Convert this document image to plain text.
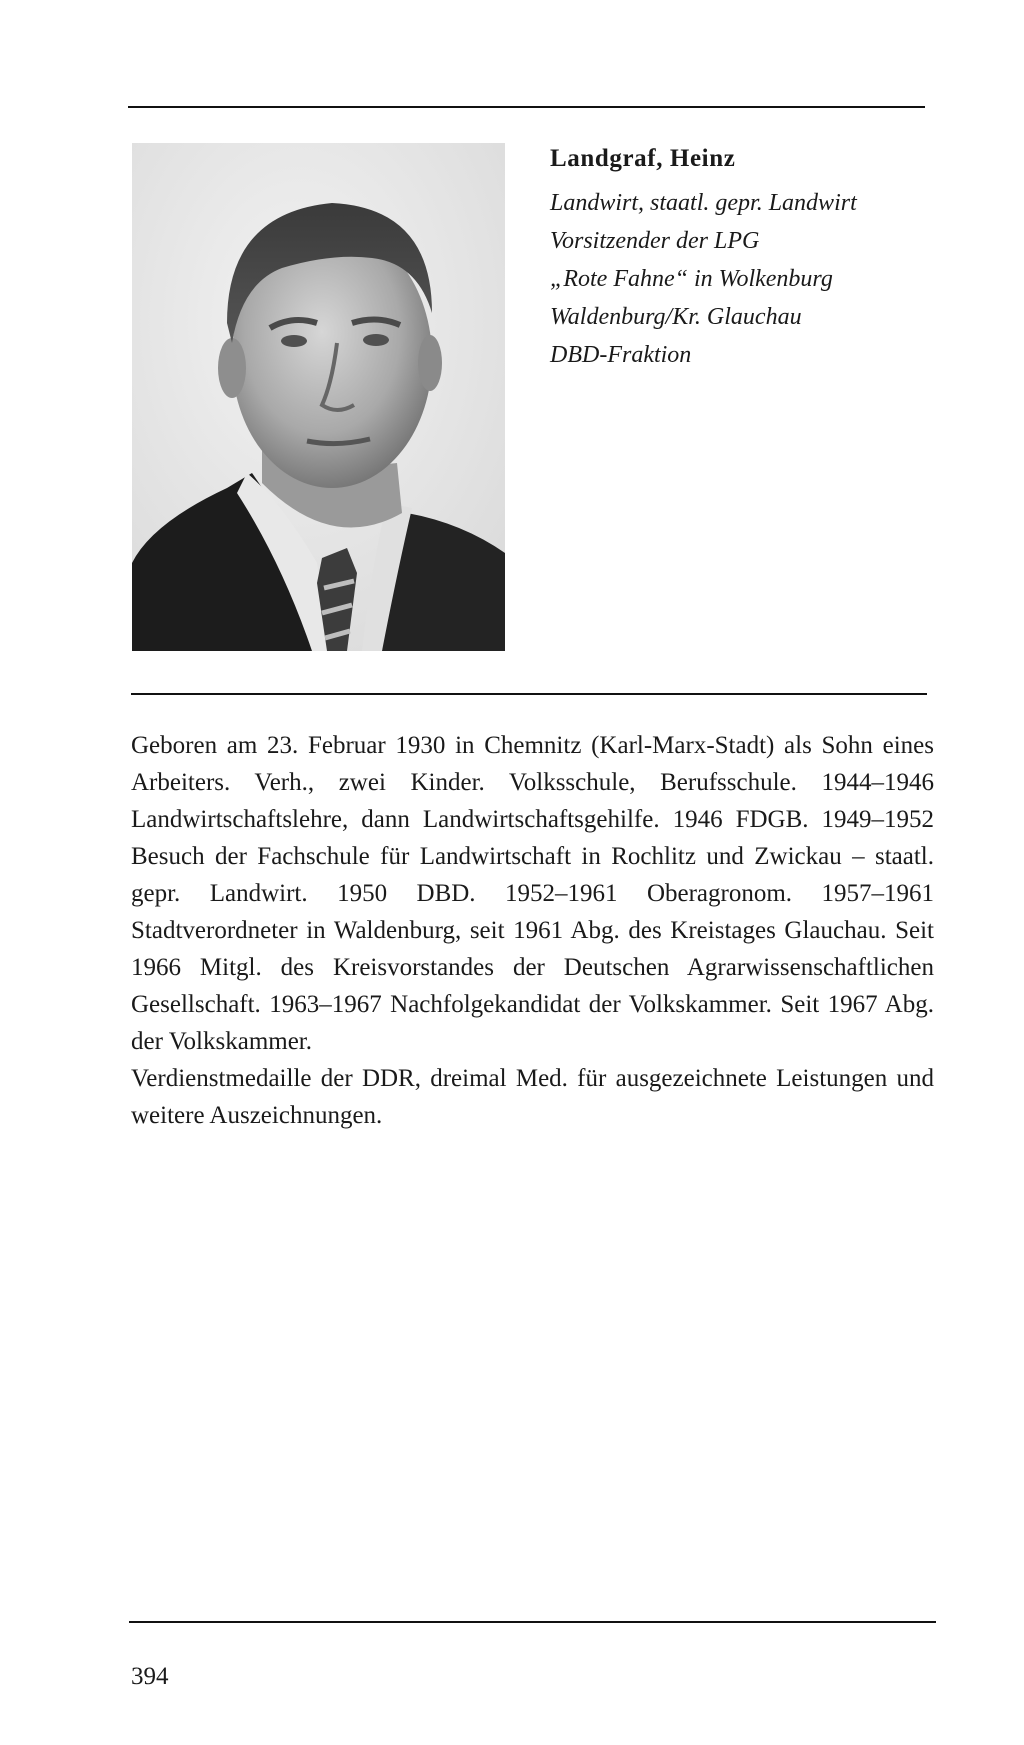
Landgraf, Heinz
Landwirt, staatl. gepr. Landwirt
Vorsitzender der LPG
„Rote Fahne“ in Wolkenburg
Waldenburg/Kr. Glauchau
DBD-Fraktion

Geboren am 23. Februar 1930 in Chemnitz (Karl-Marx-Stadt) als Sohn eines Arbeiters. Verh., zwei Kinder. Volksschule, Berufsschule. 1944–1946 Landwirtschaftslehre, dann Landwirtschaftsgehilfe. 1946 FDGB. 1949–1952 Besuch der Fachschule für Landwirtschaft in Rochlitz und Zwickau – staatl. gepr. Landwirt. 1950 DBD. 1952–1961 Oberagronom. 1957–1961 Stadtverordneter in Waldenburg, seit 1961 Abg. des Kreistages Glauchau. Seit 1966 Mitgl. des Kreisvorstandes der Deutschen Agrarwissenschaftlichen Gesellschaft. 1963–1967 Nachfolgekandidat der Volkskammer. Seit 1967 Abg. der Volkskammer.

Verdienstmedaille der DDR, dreimal Med. für ausgezeichnete Leistungen und weitere Auszeichnungen.

394
